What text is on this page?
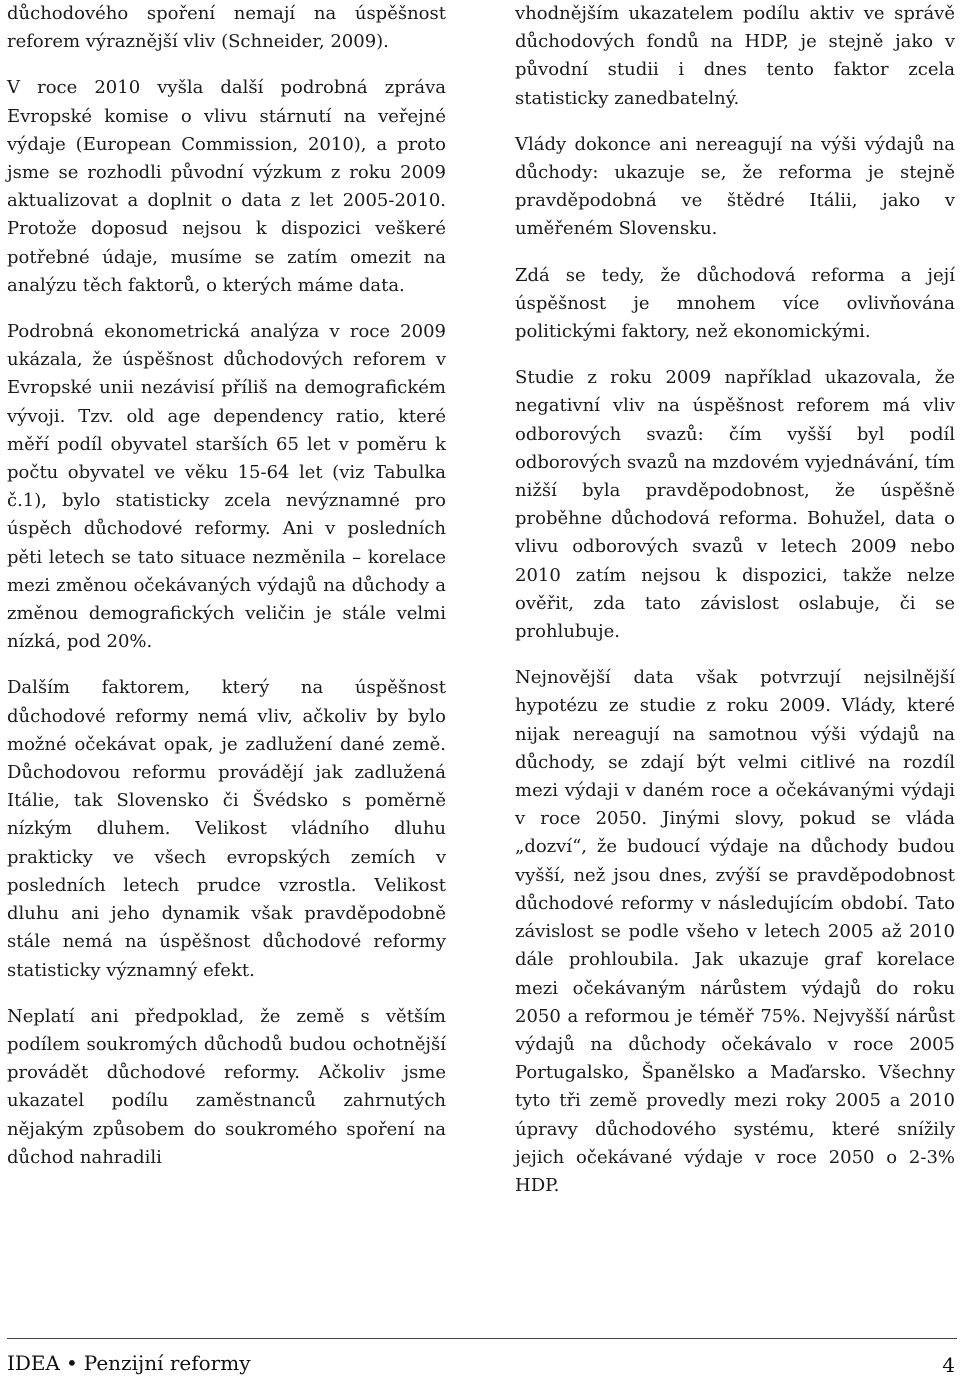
důchodového spoření nemají na úspěšnost reforem výraznější vliv (Schneider, 2009).

V roce 2010 vyšla další podrobná zpráva Evropské komise o vlivu stárnutí na veřejné výdaje (European Commission, 2010), a proto jsme se rozhodli původní výzkum z roku 2009 aktualizovat a doplnit o data z let 2005-2010. Protože doposud nejsou k dispozici veškeré potřebné údaje, musíme se zatím omezit na analýzu těch faktorů, o kterých máme data.

Podrobná ekonometrická analýza v roce 2009 ukázala, že úspěšnost důchodových reforem v Evropské unii nezávisí příliš na demografickém vývoji. Tzv. old age dependency ratio, které měří podíl obyvatel starších 65 let v poměru k počtu obyvatel ve věku 15-64 let (viz Tabulka č.1), bylo statisticky zcela nevýznamné pro úspěch důchodové reformy. Ani v posledních pěti letech se tato situace nezměnila – korelace mezi změnou očekávaných výdajů na důchody a změnou demografických veličin je stále velmi nízká, pod 20%.

Dalším faktorem, který na úspěšnost důchodové reformy nemá vliv, ačkoliv by bylo možné očekávat opak, je zadlužení dané země. Důchodovou reformu provádějí jak zadlužená Itálie, tak Slovensko či Švédsko s poměrně nízkým dluhem. Velikost vládního dluhu prakticky ve všech evropských zemích v posledních letech prudce vzrostla. Velikost dluhu ani jeho dynamik však pravděpodobně stále nemá na úspěšnost důchodové reformy statisticky významný efekt.

Neplatí ani předpoklad, že země s větším podílem soukromých důchodů budou ochotnější provádět důchodové reformy. Ačkoliv jsme ukazatel podílu zaměstnanců zahrnutých nějakým způsobem do soukromého spoření na důchod nahradili

vhodnějším ukazatelem podílu aktiv ve správě důchodových fondů na HDP, je stejně jako v původní studii i dnes tento faktor zcela statisticky zanedbatelný.

Vlády dokonce ani nereagují na výši výdajů na důchody: ukazuje se, že reforma je stejně pravděpodobná ve štědré Itálii, jako v uměřeném Slovensku.

Zdá se tedy, že důchodová reforma a její úspěšnost je mnohem více ovlivňována politickými faktory, než ekonomickými.

Studie z roku 2009 například ukazovala, že negativní vliv na úspěšnost reforem má vliv odborových svazů: čím vyšší byl podíl odborových svazů na mzdovém vyjednávání, tím nižší byla pravděpodobnost, že úspěšně proběhne důchodová reforma. Bohužel, data o vlivu odborových svazů v letech 2009 nebo 2010 zatím nejsou k dispozici, takže nelze ověřit, zda tato závislost oslabuje, či se prohlubuje.

Nejnovější data však potvrzují nejsilnější hypotézu ze studie z roku 2009. Vlády, které nijak nereagují na samotnou výši výdajů na důchody, se zdají být velmi citlivé na rozdíl mezi výdaji v daném roce a očekávanými výdaji v roce 2050. Jinými slovy, pokud se vláda „dozví“, že budoucí výdaje na důchody budou vyšší, než jsou dnes, zvýší se pravděpodobnost důchodové reformy v následujícím období. Tato závislost se podle všeho v letech 2005 až 2010 dále prohloubila. Jak ukazuje graf korelace mezi očekávaným nárůstem výdajů do roku 2050 a reformou je téměř 75%. Nejvyšší nárůst výdajů na důchody očekávalo v roce 2005 Portugalsko, Španělsko a Maďarsko. Všechny tyto tři země provedly mezi roky 2005 a 2010 úpravy důchodového systému, které snížily jejich očekávané výdaje v roce 2050 o 2-3% HDP.

IDEA • Penzijní reformy	4
